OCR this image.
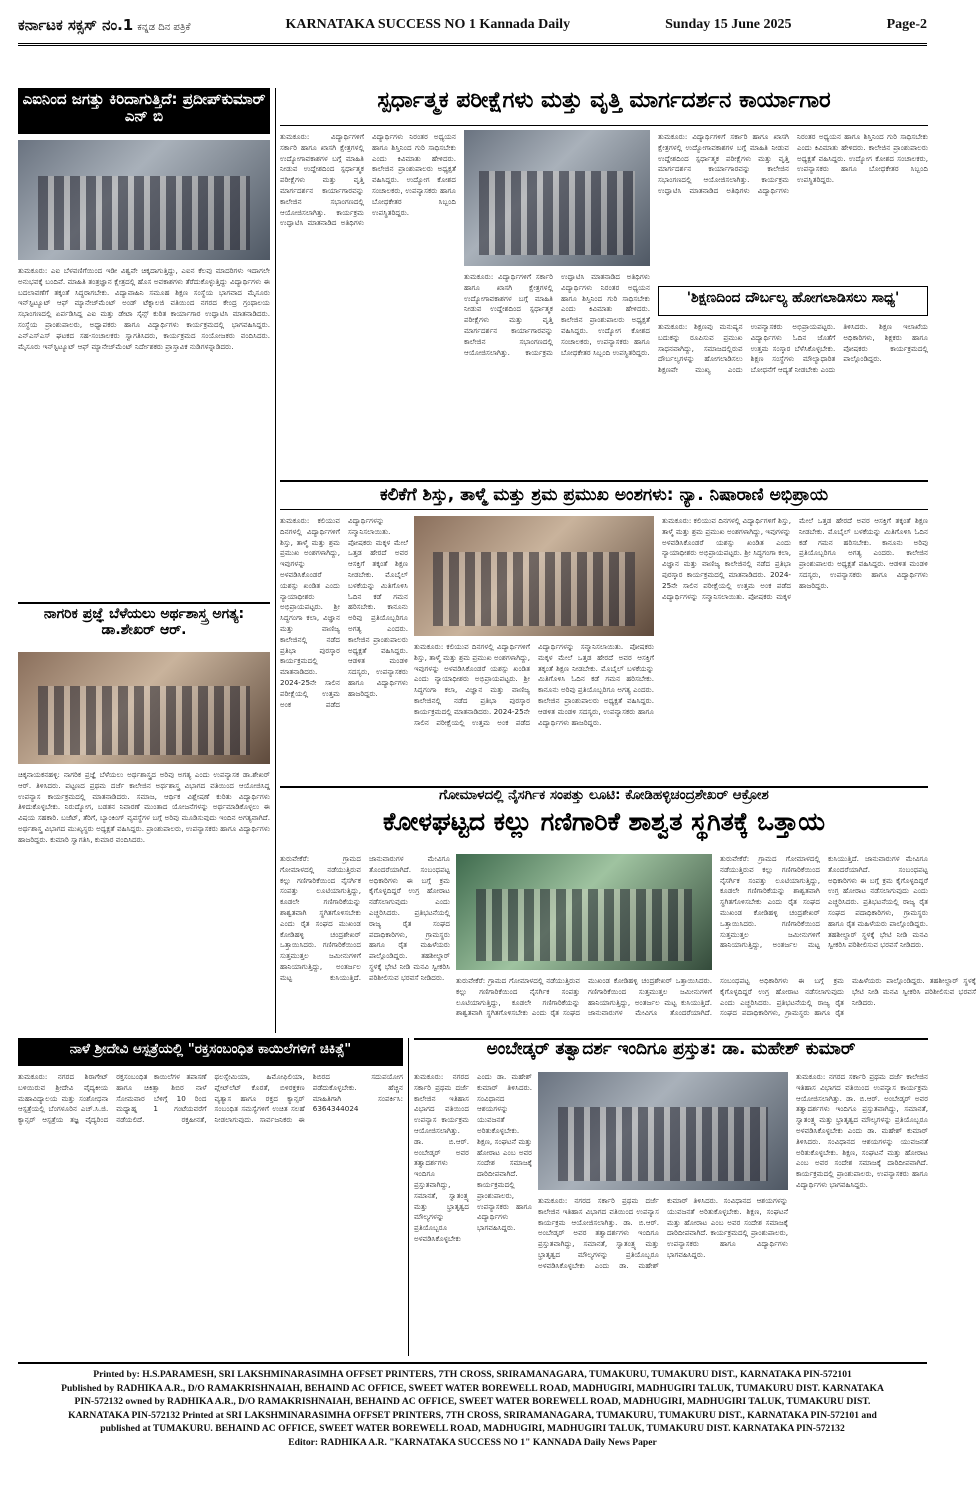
ಕರ್ನಾಟಕ ಸಕ್ಸಸ್ ನಂ.1 ಕನ್ನಡ ದಿನ ಪತ್ರಿಕೆ	KARNATAKA SUCCESS NO 1 Kannada Daily	Sunday 15 June 2025	Page-2
ಎಐನಿಂದ ಜಗತ್ತು ಕಿರಿದಾಗುತ್ತಿದೆ: ಪ್ರದೀಪ್‌ಕುಮಾರ್ ಎನ್ ಬಿ

ತುಮಕೂರು: ಎಐ ಬೆಳವಣಿಗೆಯಿಂದ ಇಡೀ ವಿಶ್ವವೇ ಚಿಕ್ಕದಾಗುತ್ತಿದ್ದು, ಎಐನ ಕೆಲವು ಮಾದರಿಗಳು ಇದಾಗಲೇ ಅನುಭವಕ್ಕೆ ಬಂದಿವೆ. ಮಾಹಿತಿ ತಂತ್ರಜ್ಞಾನ ಕ್ಷೇತ್ರದಲ್ಲಿ ಹೊಸ ಅವಕಾಶಗಳು ತೆರೆದುಕೊಳ್ಳುತ್ತಿದ್ದು ವಿದ್ಯಾರ್ಥಿಗಳು ಈ ಬದಲಾವಣೆಗೆ ತಕ್ಕಂತೆ ಸಿದ್ಧರಾಗಬೇಕು. ವಿದ್ಯಾವಾಹಿನಿ ಸಮೂಹ ಶಿಕ್ಷಣ ಸಂಸ್ಥೆಯ ಭಾಗವಾದ ಮೈಸೂರು ಇನ್‌ಸ್ಟಿಟ್ಯೂಟ್ ಆಫ್ ಮ್ಯಾನೇಜ್‌ಮೆಂಟ್ ಅಂಡ್ ಟೆಕ್ನಾಲಜಿ ವತಿಯಿಂದ ನಗರದ ಕೇಂದ್ರ ಗ್ರಂಥಾಲಯ ಸಭಾಂಗಣದಲ್ಲಿ ಏರ್ಪಡಿಸಿದ್ದ ಎಐ ಮತ್ತು ಡೇಟಾ ಸೈನ್ಸ್ ಕುರಿತ ಕಾರ್ಯಾಗಾರ ಉದ್ಘಾಟಿಸಿ ಮಾತನಾಡಿದರು. ಸಂಸ್ಥೆಯ ಪ್ರಾಂಶುಪಾಲರು, ಅಧ್ಯಾಪಕರು ಹಾಗೂ ವಿದ್ಯಾರ್ಥಿಗಳು ಕಾರ್ಯಕ್ರಮದಲ್ಲಿ ಭಾಗವಹಿಸಿದ್ದರು. ಎನ್‌ಎಸ್‌ಎಸ್ ಘಟಕದ ಸಹ-ಸಂಚಾಲಕರು ಸ್ವಾಗತಿಸಿದರು, ಕಾರ್ಯಕ್ರಮದ ಸಂಯೋಜಕರು ವಂದಿಸಿದರು. ಮೈಸೂರು ಇನ್‌ಸ್ಟಿಟ್ಯೂಟ್ ಆಫ್ ಮ್ಯಾನೇಜ್‌ಮೆಂಟ್ ನಿರ್ದೇಶಕರು ಪ್ರಾಸ್ತಾವಿಕ ನುಡಿಗಳನ್ನಾಡಿದರು.

ನಾಗರಿಕ ಪ್ರಜ್ಞೆ ಬೆಳೆಯಲು ಅರ್ಥಶಾಸ್ತ್ರ ಅಗತ್ಯ: ಡಾ.ಶೇಖರ್ ಆರ್.

ಚಿಕ್ಕನಾಯಕನಹಳ್ಳಿ: ನಾಗರಿಕ ಪ್ರಜ್ಞೆ ಬೆಳೆಯಲು ಅರ್ಥಶಾಸ್ತ್ರದ ಅರಿವು ಅಗತ್ಯ ಎಂದು ಉಪನ್ಯಾಸಕ ಡಾ.ಶೇಖರ್ ಆರ್. ತಿಳಿಸಿದರು. ಪಟ್ಟಣದ ಪ್ರಥಮ ದರ್ಜೆ ಕಾಲೇಜಿನ ಅರ್ಥಶಾಸ್ತ್ರ ವಿಭಾಗದ ವತಿಯಿಂದ ಆಯೋಜಿಸಿದ್ದ ಉಪನ್ಯಾಸ ಕಾರ್ಯಕ್ರಮದಲ್ಲಿ ಮಾತನಾಡಿದರು. ಸಮಾಜ, ಆರ್ಥಿಕ ವಿಶ್ಲೇಷಣೆ ಕುರಿತು ವಿದ್ಯಾರ್ಥಿಗಳು ತಿಳಿದುಕೊಳ್ಳಬೇಕು. ನಿರುದ್ಯೋಗ, ಬಡತನ ನಿವಾರಣೆ ಮುಂತಾದ ಯೋಜನೆಗಳನ್ನು ಅರ್ಥಮಾಡಿಕೊಳ್ಳಲು ಈ ವಿಷಯ ಸಹಕಾರಿ. ಬಜೆಟ್, ತೆರಿಗೆ, ಬ್ಯಾಂಕಿಂಗ್ ವ್ಯವಸ್ಥೆಗಳ ಬಗ್ಗೆ ಅರಿವು ಮೂಡಿಸುವುದು ಇಂದಿನ ಅಗತ್ಯವಾಗಿದೆ. ಅರ್ಥಶಾಸ್ತ್ರ ವಿಭಾಗದ ಮುಖ್ಯಸ್ಥರು ಅಧ್ಯಕ್ಷತೆ ವಹಿಸಿದ್ದರು. ಪ್ರಾಂಶುಪಾಲರು, ಉಪನ್ಯಾಸಕರು ಹಾಗೂ ವಿದ್ಯಾರ್ಥಿಗಳು ಹಾಜರಿದ್ದರು. ಕುಮಾರಿ ಸ್ವಾಗತಿಸಿ, ಕುಮಾರ ವಂದಿಸಿದರು.

ಸ್ಪರ್ಧಾತ್ಮಕ ಪರೀಕ್ಷೆಗಳು ಮತ್ತು ವೃತ್ತಿ ಮಾರ್ಗದರ್ಶನ ಕಾರ್ಯಾಗಾರ

ತುಮಕೂರು: ವಿದ್ಯಾರ್ಥಿಗಳಿಗೆ ಸರ್ಕಾರಿ ಹಾಗೂ ಖಾಸಗಿ ಕ್ಷೇತ್ರಗಳಲ್ಲಿ ಉದ್ಯೋಗಾವಕಾಶಗಳ ಬಗ್ಗೆ ಮಾಹಿತಿ ನೀಡುವ ಉದ್ದೇಶದಿಂದ ಸ್ಪರ್ಧಾತ್ಮಕ ಪರೀಕ್ಷೆಗಳು ಮತ್ತು ವೃತ್ತಿ ಮಾರ್ಗದರ್ಶನ ಕಾರ್ಯಾಗಾರವನ್ನು ಕಾಲೇಜಿನ ಸಭಾಂಗಣದಲ್ಲಿ ಆಯೋಜಿಸಲಾಗಿತ್ತು. ಕಾರ್ಯಕ್ರಮ ಉದ್ಘಾಟಿಸಿ ಮಾತನಾಡಿದ ಅತಿಥಿಗಳು ವಿದ್ಯಾರ್ಥಿಗಳು ನಿರಂತರ ಅಧ್ಯಯನ ಹಾಗೂ ಶಿಸ್ತಿನಿಂದ ಗುರಿ ಸಾಧಿಸಬೇಕು ಎಂದು ಕಿವಿಮಾತು ಹೇಳಿದರು. ಕಾಲೇಜಿನ ಪ್ರಾಂಶುಪಾಲರು ಅಧ್ಯಕ್ಷತೆ ವಹಿಸಿದ್ದರು. ಉದ್ಯೋಗ ಕೋಶದ ಸಂಚಾಲಕರು, ಉಪನ್ಯಾಸಕರು ಹಾಗೂ ಬೋಧಕೇತರ ಸಿಬ್ಬಂದಿ ಉಪಸ್ಥಿತರಿದ್ದರು.

ತುಮಕೂರು: ವಿದ್ಯಾರ್ಥಿಗಳಿಗೆ ಸರ್ಕಾರಿ ಹಾಗೂ ಖಾಸಗಿ ಕ್ಷೇತ್ರಗಳಲ್ಲಿ ಉದ್ಯೋಗಾವಕಾಶಗಳ ಬಗ್ಗೆ ಮಾಹಿತಿ ನೀಡುವ ಉದ್ದೇಶದಿಂದ ಸ್ಪರ್ಧಾತ್ಮಕ ಪರೀಕ್ಷೆಗಳು ಮತ್ತು ವೃತ್ತಿ ಮಾರ್ಗದರ್ಶನ ಕಾರ್ಯಾಗಾರವನ್ನು ಕಾಲೇಜಿನ ಸಭಾಂಗಣದಲ್ಲಿ ಆಯೋಜಿಸಲಾಗಿತ್ತು. ಕಾರ್ಯಕ್ರಮ ಉದ್ಘಾಟಿಸಿ ಮಾತನಾಡಿದ ಅತಿಥಿಗಳು ವಿದ್ಯಾರ್ಥಿಗಳು ನಿರಂತರ ಅಧ್ಯಯನ ಹಾಗೂ ಶಿಸ್ತಿನಿಂದ ಗುರಿ ಸಾಧಿಸಬೇಕು ಎಂದು ಕಿವಿಮಾತು ಹೇಳಿದರು. ಕಾಲೇಜಿನ ಪ್ರಾಂಶುಪಾಲರು ಅಧ್ಯಕ್ಷತೆ ವಹಿಸಿದ್ದರು. ಉದ್ಯೋಗ ಕೋಶದ ಸಂಚಾಲಕರು, ಉಪನ್ಯಾಸಕರು ಹಾಗೂ ಬೋಧಕೇತರ ಸಿಬ್ಬಂದಿ ಉಪಸ್ಥಿತರಿದ್ದರು.

ತುಮಕೂರು: ವಿದ್ಯಾರ್ಥಿಗಳಿಗೆ ಸರ್ಕಾರಿ ಹಾಗೂ ಖಾಸಗಿ ಕ್ಷೇತ್ರಗಳಲ್ಲಿ ಉದ್ಯೋಗಾವಕಾಶಗಳ ಬಗ್ಗೆ ಮಾಹಿತಿ ನೀಡುವ ಉದ್ದೇಶದಿಂದ ಸ್ಪರ್ಧಾತ್ಮಕ ಪರೀಕ್ಷೆಗಳು ಮತ್ತು ವೃತ್ತಿ ಮಾರ್ಗದರ್ಶನ ಕಾರ್ಯಾಗಾರವನ್ನು ಕಾಲೇಜಿನ ಸಭಾಂಗಣದಲ್ಲಿ ಆಯೋಜಿಸಲಾಗಿತ್ತು. ಕಾರ್ಯಕ್ರಮ ಉದ್ಘಾಟಿಸಿ ಮಾತನಾಡಿದ ಅತಿಥಿಗಳು ವಿದ್ಯಾರ್ಥಿಗಳು ನಿರಂತರ ಅಧ್ಯಯನ ಹಾಗೂ ಶಿಸ್ತಿನಿಂದ ಗುರಿ ಸಾಧಿಸಬೇಕು ಎಂದು ಕಿವಿಮಾತು ಹೇಳಿದರು. ಕಾಲೇಜಿನ ಪ್ರಾಂಶುಪಾಲರು ಅಧ್ಯಕ್ಷತೆ ವಹಿಸಿದ್ದರು. ಉದ್ಯೋಗ ಕೋಶದ ಸಂಚಾಲಕರು, ಉಪನ್ಯಾಸಕರು ಹಾಗೂ ಬೋಧಕೇತರ ಸಿಬ್ಬಂದಿ ಉಪಸ್ಥಿತರಿದ್ದರು.

'ಶಿಕ್ಷಣದಿಂದ ದೌರ್ಬಲ್ಯ ಹೋಗಲಾಡಿಸಲು ಸಾಧ್ಯ'

ತುಮಕೂರು: ಶಿಕ್ಷಣವು ಮನುಷ್ಯನ ಬದುಕನ್ನು ರೂಪಿಸುವ ಪ್ರಮುಖ ಸಾಧನವಾಗಿದ್ದು, ಸಮಾಜದಲ್ಲಿರುವ ದೌರ್ಬಲ್ಯಗಳನ್ನು ಹೋಗಲಾಡಿಸಲು ಶಿಕ್ಷಣವೇ ಮುಖ್ಯ ಎಂದು ಉಪನ್ಯಾಸಕರು ಅಭಿಪ್ರಾಯಪಟ್ಟರು. ವಿದ್ಯಾರ್ಥಿಗಳು ಓದಿನ ಜೊತೆಗೆ ಉತ್ತಮ ಸಂಸ್ಕಾರ ಬೆಳೆಸಿಕೊಳ್ಳಬೇಕು. ಶಿಕ್ಷಣ ಸಂಸ್ಥೆಗಳು ಮೌಲ್ಯಾಧಾರಿತ ಬೋಧನೆಗೆ ಆದ್ಯತೆ ನೀಡಬೇಕು ಎಂದು ತಿಳಿಸಿದರು. ಶಿಕ್ಷಣ ಇಲಾಖೆಯ ಅಧಿಕಾರಿಗಳು, ಶಿಕ್ಷಕರು ಹಾಗೂ ಪೋಷಕರು ಕಾರ್ಯಕ್ರಮದಲ್ಲಿ ಪಾಲ್ಗೊಂಡಿದ್ದರು.

ಕಲಿಕೆಗೆ ಶಿಸ್ತು, ತಾಳ್ಮೆ ಮತ್ತು ಶ್ರಮ ಪ್ರಮುಖ ಅಂಶಗಳು: ನ್ಯಾ. ನಿಷಾರಾಣಿ ಅಭಿಪ್ರಾಯ

ತುಮಕೂರು: ಕಲಿಯುವ ದಿನಗಳಲ್ಲಿ ವಿದ್ಯಾರ್ಥಿಗಳಿಗೆ ಶಿಸ್ತು, ತಾಳ್ಮೆ ಮತ್ತು ಶ್ರಮ ಪ್ರಮುಖ ಅಂಶಗಳಾಗಿದ್ದು, ಇವುಗಳನ್ನು ಅಳವಡಿಸಿಕೊಂಡರೆ ಯಶಸ್ಸು ಖಂಡಿತ ಎಂದು ನ್ಯಾಯಾಧೀಶರು ಅಭಿಪ್ರಾಯಪಟ್ಟರು. ಶ್ರೀ ಸಿದ್ಧಗಂಗಾ ಕಲಾ, ವಿಜ್ಞಾನ ಮತ್ತು ವಾಣಿಜ್ಯ ಕಾಲೇಜಿನಲ್ಲಿ ನಡೆದ ಪ್ರತಿಭಾ ಪುರಸ್ಕಾರ ಕಾರ್ಯಕ್ರಮದಲ್ಲಿ ಮಾತನಾಡಿದರು. 2024-25ನೇ ಸಾಲಿನ ಪರೀಕ್ಷೆಯಲ್ಲಿ ಉತ್ತಮ ಅಂಕ ಪಡೆದ ವಿದ್ಯಾರ್ಥಿಗಳನ್ನು ಸನ್ಮಾನಿಸಲಾಯಿತು. ಪೋಷಕರು ಮಕ್ಕಳ ಮೇಲೆ ಒತ್ತಡ ಹೇರದೆ ಅವರ ಆಸಕ್ತಿಗೆ ತಕ್ಕಂತೆ ಶಿಕ್ಷಣ ನೀಡಬೇಕು. ಮೊಬೈಲ್ ಬಳಕೆಯನ್ನು ಮಿತಿಗೊಳಿಸಿ ಓದಿನ ಕಡೆ ಗಮನ ಹರಿಸಬೇಕು. ಕಾನೂನು ಅರಿವು ಪ್ರತಿಯೊಬ್ಬರಿಗೂ ಅಗತ್ಯ ಎಂದರು. ಕಾಲೇಜಿನ ಪ್ರಾಂಶುಪಾಲರು ಅಧ್ಯಕ್ಷತೆ ವಹಿಸಿದ್ದರು. ಆಡಳಿತ ಮಂಡಳಿ ಸದಸ್ಯರು, ಉಪನ್ಯಾಸಕರು ಹಾಗೂ ವಿದ್ಯಾರ್ಥಿಗಳು ಹಾಜರಿದ್ದರು.

ತುಮಕೂರು: ಕಲಿಯುವ ದಿನಗಳಲ್ಲಿ ವಿದ್ಯಾರ್ಥಿಗಳಿಗೆ ಶಿಸ್ತು, ತಾಳ್ಮೆ ಮತ್ತು ಶ್ರಮ ಪ್ರಮುಖ ಅಂಶಗಳಾಗಿದ್ದು, ಇವುಗಳನ್ನು ಅಳವಡಿಸಿಕೊಂಡರೆ ಯಶಸ್ಸು ಖಂಡಿತ ಎಂದು ನ್ಯಾಯಾಧೀಶರು ಅಭಿಪ್ರಾಯಪಟ್ಟರು. ಶ್ರೀ ಸಿದ್ಧಗಂಗಾ ಕಲಾ, ವಿಜ್ಞಾನ ಮತ್ತು ವಾಣಿಜ್ಯ ಕಾಲೇಜಿನಲ್ಲಿ ನಡೆದ ಪ್ರತಿಭಾ ಪುರಸ್ಕಾರ ಕಾರ್ಯಕ್ರಮದಲ್ಲಿ ಮಾತನಾಡಿದರು. 2024-25ನೇ ಸಾಲಿನ ಪರೀಕ್ಷೆಯಲ್ಲಿ ಉತ್ತಮ ಅಂಕ ಪಡೆದ ವಿದ್ಯಾರ್ಥಿಗಳನ್ನು ಸನ್ಮಾನಿಸಲಾಯಿತು. ಪೋಷಕರು ಮಕ್ಕಳ ಮೇಲೆ ಒತ್ತಡ ಹೇರದೆ ಅವರ ಆಸಕ್ತಿಗೆ ತಕ್ಕಂತೆ ಶಿಕ್ಷಣ ನೀಡಬೇಕು. ಮೊಬೈಲ್ ಬಳಕೆಯನ್ನು ಮಿತಿಗೊಳಿಸಿ ಓದಿನ ಕಡೆ ಗಮನ ಹರಿಸಬೇಕು. ಕಾನೂನು ಅರಿವು ಪ್ರತಿಯೊಬ್ಬರಿಗೂ ಅಗತ್ಯ ಎಂದರು. ಕಾಲೇಜಿನ ಪ್ರಾಂಶುಪಾಲರು ಅಧ್ಯಕ್ಷತೆ ವಹಿಸಿದ್ದರು. ಆಡಳಿತ ಮಂಡಳಿ ಸದಸ್ಯರು, ಉಪನ್ಯಾಸಕರು ಹಾಗೂ ವಿದ್ಯಾರ್ಥಿಗಳು ಹಾಜರಿದ್ದರು.

ತುಮಕೂರು: ಕಲಿಯುವ ದಿನಗಳಲ್ಲಿ ವಿದ್ಯಾರ್ಥಿಗಳಿಗೆ ಶಿಸ್ತು, ತಾಳ್ಮೆ ಮತ್ತು ಶ್ರಮ ಪ್ರಮುಖ ಅಂಶಗಳಾಗಿದ್ದು, ಇವುಗಳನ್ನು ಅಳವಡಿಸಿಕೊಂಡರೆ ಯಶಸ್ಸು ಖಂಡಿತ ಎಂದು ನ್ಯಾಯಾಧೀಶರು ಅಭಿಪ್ರಾಯಪಟ್ಟರು. ಶ್ರೀ ಸಿದ್ಧಗಂಗಾ ಕಲಾ, ವಿಜ್ಞಾನ ಮತ್ತು ವಾಣಿಜ್ಯ ಕಾಲೇಜಿನಲ್ಲಿ ನಡೆದ ಪ್ರತಿಭಾ ಪುರಸ್ಕಾರ ಕಾರ್ಯಕ್ರಮದಲ್ಲಿ ಮಾತನಾಡಿದರು. 2024-25ನೇ ಸಾಲಿನ ಪರೀಕ್ಷೆಯಲ್ಲಿ ಉತ್ತಮ ಅಂಕ ಪಡೆದ ವಿದ್ಯಾರ್ಥಿಗಳನ್ನು ಸನ್ಮಾನಿಸಲಾಯಿತು. ಪೋಷಕರು ಮಕ್ಕಳ ಮೇಲೆ ಒತ್ತಡ ಹೇರದೆ ಅವರ ಆಸಕ್ತಿಗೆ ತಕ್ಕಂತೆ ಶಿಕ್ಷಣ ನೀಡಬೇಕು. ಮೊಬೈಲ್ ಬಳಕೆಯನ್ನು ಮಿತಿಗೊಳಿಸಿ ಓದಿನ ಕಡೆ ಗಮನ ಹರಿಸಬೇಕು. ಕಾನೂನು ಅರಿವು ಪ್ರತಿಯೊಬ್ಬರಿಗೂ ಅಗತ್ಯ ಎಂದರು. ಕಾಲೇಜಿನ ಪ್ರಾಂಶುಪಾಲರು ಅಧ್ಯಕ್ಷತೆ ವಹಿಸಿದ್ದರು. ಆಡಳಿತ ಮಂಡಳಿ ಸದಸ್ಯರು, ಉಪನ್ಯಾಸಕರು ಹಾಗೂ ವಿದ್ಯಾರ್ಥಿಗಳು ಹಾಜರಿದ್ದರು.

ಗೋಮಾಳದಲ್ಲಿ ನೈಸರ್ಗಿಕ ಸಂಪತ್ತು ಲೂಟಿ: ಕೋಡಿಹಳ್ಳಿಚಂದ್ರಶೇಖರ್ ಆಕ್ರೋಶ
ಕೋಳಘಟ್ಟದ ಕಲ್ಲು ಗಣಿಗಾರಿಕೆ ಶಾಶ್ವತ ಸ್ಥಗಿತಕ್ಕೆ ಒತ್ತಾಯ

ತುರುವೇಕೆರೆ: ಗ್ರಾಮದ ಗೋಮಾಳದಲ್ಲಿ ನಡೆಯುತ್ತಿರುವ ಕಲ್ಲು ಗಣಿಗಾರಿಕೆಯಿಂದ ನೈಸರ್ಗಿಕ ಸಂಪತ್ತು ಲೂಟಿಯಾಗುತ್ತಿದ್ದು, ಕೂಡಲೇ ಗಣಿಗಾರಿಕೆಯನ್ನು ಶಾಶ್ವತವಾಗಿ ಸ್ಥಗಿತಗೊಳಿಸಬೇಕು ಎಂದು ರೈತ ಸಂಘದ ಮುಖಂಡ ಕೋಡಿಹಳ್ಳಿ ಚಂದ್ರಶೇಖರ್ ಒತ್ತಾಯಿಸಿದರು. ಗಣಿಗಾರಿಕೆಯಿಂದ ಸುತ್ತಮುತ್ತಲ ಜಮೀನುಗಳಿಗೆ ಹಾನಿಯಾಗುತ್ತಿದ್ದು, ಅಂತರ್ಜಲ ಮಟ್ಟ ಕುಸಿಯುತ್ತಿದೆ. ಜಾನುವಾರುಗಳ ಮೇವಿಗೂ ತೊಂದರೆಯಾಗಿದೆ. ಸಂಬಂಧಪಟ್ಟ ಅಧಿಕಾರಿಗಳು ಈ ಬಗ್ಗೆ ಕ್ರಮ ಕೈಗೊಳ್ಳದಿದ್ದರೆ ಉಗ್ರ ಹೋರಾಟ ನಡೆಸಲಾಗುವುದು ಎಂದು ಎಚ್ಚರಿಸಿದರು. ಪ್ರತಿಭಟನೆಯಲ್ಲಿ ರಾಜ್ಯ ರೈತ ಸಂಘದ ಪದಾಧಿಕಾರಿಗಳು, ಗ್ರಾಮಸ್ಥರು ಹಾಗೂ ರೈತ ಮಹಿಳೆಯರು ಪಾಲ್ಗೊಂಡಿದ್ದರು. ತಹಶೀಲ್ದಾರ್ ಸ್ಥಳಕ್ಕೆ ಭೇಟಿ ನೀಡಿ ಮನವಿ ಸ್ವೀಕರಿಸಿ ಪರಿಶೀಲಿಸುವ ಭರವಸೆ ನೀಡಿದರು.	ತುರುವೇಕೆರೆ: ಗ್ರಾಮದ ಗೋಮಾಳದಲ್ಲಿ ನಡೆಯುತ್ತಿರುವ ಕಲ್ಲು ಗಣಿಗಾರಿಕೆಯಿಂದ ನೈಸರ್ಗಿಕ ಸಂಪತ್ತು ಲೂಟಿಯಾಗುತ್ತಿದ್ದು, ಕೂಡಲೇ ಗಣಿಗಾರಿಕೆಯನ್ನು ಶಾಶ್ವತವಾಗಿ ಸ್ಥಗಿತಗೊಳಿಸಬೇಕು ಎಂದು ರೈತ ಸಂಘದ ಮುಖಂಡ ಕೋಡಿಹಳ್ಳಿ ಚಂದ್ರಶೇಖರ್ ಒತ್ತಾಯಿಸಿದರು. ಗಣಿಗಾರಿಕೆಯಿಂದ ಸುತ್ತಮುತ್ತಲ ಜಮೀನುಗಳಿಗೆ ಹಾನಿಯಾಗುತ್ತಿದ್ದು, ಅಂತರ್ಜಲ ಮಟ್ಟ ಕುಸಿಯುತ್ತಿದೆ. ಜಾನುವಾರುಗಳ ಮೇವಿಗೂ ತೊಂದರೆಯಾಗಿದೆ. ಸಂಬಂಧಪಟ್ಟ ಅಧಿಕಾರಿಗಳು ಈ ಬಗ್ಗೆ ಕ್ರಮ ಕೈಗೊಳ್ಳದಿದ್ದರೆ ಉಗ್ರ ಹೋರಾಟ ನಡೆಸಲಾಗುವುದು ಎಂದು ಎಚ್ಚರಿಸಿದರು. ಪ್ರತಿಭಟನೆಯಲ್ಲಿ ರಾಜ್ಯ ರೈತ ಸಂಘದ ಪದಾಧಿಕಾರಿಗಳು, ಗ್ರಾಮಸ್ಥರು ಹಾಗೂ ರೈತ ಮಹಿಳೆಯರು ಪಾಲ್ಗೊಂಡಿದ್ದರು. ತಹಶೀಲ್ದಾರ್ ಸ್ಥಳಕ್ಕೆ ಭೇಟಿ ನೀಡಿ ಮನವಿ ಸ್ವೀಕರಿಸಿ ಪರಿಶೀಲಿಸುವ ಭರವಸೆ ನೀಡಿದರು.

ತುರುವೇಕೆರೆ: ಗ್ರಾಮದ ಗೋಮಾಳದಲ್ಲಿ ನಡೆಯುತ್ತಿರುವ ಕಲ್ಲು ಗಣಿಗಾರಿಕೆಯಿಂದ ನೈಸರ್ಗಿಕ ಸಂಪತ್ತು ಲೂಟಿಯಾಗುತ್ತಿದ್ದು, ಕೂಡಲೇ ಗಣಿಗಾರಿಕೆಯನ್ನು ಶಾಶ್ವತವಾಗಿ ಸ್ಥಗಿತಗೊಳಿಸಬೇಕು ಎಂದು ರೈತ ಸಂಘದ ಮುಖಂಡ ಕೋಡಿಹಳ್ಳಿ ಚಂದ್ರಶೇಖರ್ ಒತ್ತಾಯಿಸಿದರು. ಗಣಿಗಾರಿಕೆಯಿಂದ ಸುತ್ತಮುತ್ತಲ ಜಮೀನುಗಳಿಗೆ ಹಾನಿಯಾಗುತ್ತಿದ್ದು, ಅಂತರ್ಜಲ ಮಟ್ಟ ಕುಸಿಯುತ್ತಿದೆ. ಜಾನುವಾರುಗಳ ಮೇವಿಗೂ ತೊಂದರೆಯಾಗಿದೆ. ಸಂಬಂಧಪಟ್ಟ ಅಧಿಕಾರಿಗಳು ಈ ಬಗ್ಗೆ ಕ್ರಮ ಕೈಗೊಳ್ಳದಿದ್ದರೆ ಉಗ್ರ ಹೋರಾಟ ನಡೆಸಲಾಗುವುದು ಎಂದು ಎಚ್ಚರಿಸಿದರು. ಪ್ರತಿಭಟನೆಯಲ್ಲಿ ರಾಜ್ಯ ರೈತ ಸಂಘದ ಪದಾಧಿಕಾರಿಗಳು, ಗ್ರಾಮಸ್ಥರು ಹಾಗೂ ರೈತ ಮಹಿಳೆಯರು ಪಾಲ್ಗೊಂಡಿದ್ದರು. ತಹಶೀಲ್ದಾರ್ ಸ್ಥಳಕ್ಕೆ ಭೇಟಿ ನೀಡಿ ಮನವಿ ಸ್ವೀಕರಿಸಿ ಪರಿಶೀಲಿಸುವ ಭರವಸೆ ನೀಡಿದರು.

ನಾಳೆ ಶ್ರೀದೇವಿ ಆಸ್ಪತ್ರೆಯಲ್ಲಿ "ರಕ್ತಸಂಬಂಧಿತ ಕಾಯಿಲೆಗಳಿಗೆ ಚಿಕಿತ್ಸೆ"

ತುಮಕೂರು: ನಗರದ ಶಿರಾಗೇಟ್ ಬಳಿಯಿರುವ ಶ್ರೀದೇವಿ ವೈದ್ಯಕೀಯ ಮಹಾವಿದ್ಯಾಲಯ ಮತ್ತು ಸಂಶೋಧನಾ ಆಸ್ಪತ್ರೆಯಲ್ಲಿ ಬೆಂಗಳೂರಿನ ಎಚ್.ಸಿ.ಜಿ. ಕ್ಯಾನ್ಸರ್ ಆಸ್ಪತ್ರೆಯ ತಜ್ಞ ವೈದ್ಯರಿಂದ ರಕ್ತಸಂಬಂಧಿತ ಕಾಯಿಲೆಗಳ ತಪಾಸಣೆ ಹಾಗೂ ಚಿಕಿತ್ಸಾ ಶಿಬಿರ ನಾಳೆ ಸೋಮವಾರ ಬೆಳಿಗ್ಗೆ 10 ರಿಂದ ಮಧ್ಯಾಹ್ನ 1 ಗಂಟೆಯವರೆಗೆ ನಡೆಯಲಿದೆ. ರಕ್ತಹೀನತೆ, ಥಲಸ್ಸೇಮಿಯಾ, ಹಿಮೋಫಿಲಿಯಾ, ಪ್ಲೇಟ್‌ಲೆಟ್ ಕೊರತೆ, ಬಿಳಿರಕ್ತಕಣ ವ್ಯತ್ಯಾಸ ಹಾಗೂ ರಕ್ತದ ಕ್ಯಾನ್ಸರ್ ಸಂಬಂಧಿತ ಸಮಸ್ಯೆಗಳಿಗೆ ಉಚಿತ ಸಲಹೆ ನೀಡಲಾಗುವುದು. ಸಾರ್ವಜನಿಕರು ಈ ಶಿಬಿರದ ಸದುಪಯೋಗ ಪಡೆದುಕೊಳ್ಳಬೇಕು. ಹೆಚ್ಚಿನ ಮಾಹಿತಿಗಾಗಿ ಸಂಪರ್ಕಿಸಿ: 6364344024

ಅಂಬೇಡ್ಕರ್ ತತ್ವಾದರ್ಶ ಇಂದಿಗೂ ಪ್ರಸ್ತುತ: ಡಾ. ಮಹೇಶ್ ಕುಮಾರ್

ತುಮಕೂರು: ನಗರದ ಸರ್ಕಾರಿ ಪ್ರಥಮ ದರ್ಜೆ ಕಾಲೇಜಿನ ಇತಿಹಾಸ ವಿಭಾಗದ ವತಿಯಿಂದ ಉಪನ್ಯಾಸ ಕಾರ್ಯಕ್ರಮ ಆಯೋಜಿಸಲಾಗಿತ್ತು. ಡಾ. ಬಿ.ಆರ್. ಅಂಬೇಡ್ಕರ್ ಅವರ ತತ್ವಾದರ್ಶಗಳು ಇಂದಿಗೂ ಪ್ರಸ್ತುತವಾಗಿದ್ದು, ಸಮಾನತೆ, ಸ್ವಾತಂತ್ರ್ಯ ಮತ್ತು ಭ್ರಾತೃತ್ವದ ಮೌಲ್ಯಗಳನ್ನು ಪ್ರತಿಯೊಬ್ಬರೂ ಅಳವಡಿಸಿಕೊಳ್ಳಬೇಕು ಎಂದು ಡಾ. ಮಹೇಶ್ ಕುಮಾರ್ ತಿಳಿಸಿದರು. ಸಂವಿಧಾನದ ಆಶಯಗಳನ್ನು ಯುವಜನತೆ ಅರಿತುಕೊಳ್ಳಬೇಕು. ಶಿಕ್ಷಣ, ಸಂಘಟನೆ ಮತ್ತು ಹೋರಾಟ ಎಂಬ ಅವರ ಸಂದೇಶ ಸಮಾಜಕ್ಕೆ ದಾರಿದೀಪವಾಗಿದೆ. ಕಾರ್ಯಕ್ರಮದಲ್ಲಿ ಪ್ರಾಂಶುಪಾಲರು, ಉಪನ್ಯಾಸಕರು ಹಾಗೂ ವಿದ್ಯಾರ್ಥಿಗಳು ಭಾಗವಹಿಸಿದ್ದರು.

ತುಮಕೂರು: ನಗರದ ಸರ್ಕಾರಿ ಪ್ರಥಮ ದರ್ಜೆ ಕಾಲೇಜಿನ ಇತಿಹಾಸ ವಿಭಾಗದ ವತಿಯಿಂದ ಉಪನ್ಯಾಸ ಕಾರ್ಯಕ್ರಮ ಆಯೋಜಿಸಲಾಗಿತ್ತು. ಡಾ. ಬಿ.ಆರ್. ಅಂಬೇಡ್ಕರ್ ಅವರ ತತ್ವಾದರ್ಶಗಳು ಇಂದಿಗೂ ಪ್ರಸ್ತುತವಾಗಿದ್ದು, ಸಮಾನತೆ, ಸ್ವಾತಂತ್ರ್ಯ ಮತ್ತು ಭ್ರಾತೃತ್ವದ ಮೌಲ್ಯಗಳನ್ನು ಪ್ರತಿಯೊಬ್ಬರೂ ಅಳವಡಿಸಿಕೊಳ್ಳಬೇಕು ಎಂದು ಡಾ. ಮಹೇಶ್ ಕುಮಾರ್ ತಿಳಿಸಿದರು. ಸಂವಿಧಾನದ ಆಶಯಗಳನ್ನು ಯುವಜನತೆ ಅರಿತುಕೊಳ್ಳಬೇಕು. ಶಿಕ್ಷಣ, ಸಂಘಟನೆ ಮತ್ತು ಹೋರಾಟ ಎಂಬ ಅವರ ಸಂದೇಶ ಸಮಾಜಕ್ಕೆ ದಾರಿದೀಪವಾಗಿದೆ. ಕಾರ್ಯಕ್ರಮದಲ್ಲಿ ಪ್ರಾಂಶುಪಾಲರು, ಉಪನ್ಯಾಸಕರು ಹಾಗೂ ವಿದ್ಯಾರ್ಥಿಗಳು ಭಾಗವಹಿಸಿದ್ದರು.

ತುಮಕೂರು: ನಗರದ ಸರ್ಕಾರಿ ಪ್ರಥಮ ದರ್ಜೆ ಕಾಲೇಜಿನ ಇತಿಹಾಸ ವಿಭಾಗದ ವತಿಯಿಂದ ಉಪನ್ಯಾಸ ಕಾರ್ಯಕ್ರಮ ಆಯೋಜಿಸಲಾಗಿತ್ತು. ಡಾ. ಬಿ.ಆರ್. ಅಂಬೇಡ್ಕರ್ ಅವರ ತತ್ವಾದರ್ಶಗಳು ಇಂದಿಗೂ ಪ್ರಸ್ತುತವಾಗಿದ್ದು, ಸಮಾನತೆ, ಸ್ವಾತಂತ್ರ್ಯ ಮತ್ತು ಭ್ರಾತೃತ್ವದ ಮೌಲ್ಯಗಳನ್ನು ಪ್ರತಿಯೊಬ್ಬರೂ ಅಳವಡಿಸಿಕೊಳ್ಳಬೇಕು ಎಂದು ಡಾ. ಮಹೇಶ್ ಕುಮಾರ್ ತಿಳಿಸಿದರು. ಸಂವಿಧಾನದ ಆಶಯಗಳನ್ನು ಯುವಜನತೆ ಅರಿತುಕೊಳ್ಳಬೇಕು. ಶಿಕ್ಷಣ, ಸಂಘಟನೆ ಮತ್ತು ಹೋರಾಟ ಎಂಬ ಅವರ ಸಂದೇಶ ಸಮಾಜಕ್ಕೆ ದಾರಿದೀಪವಾಗಿದೆ. ಕಾರ್ಯಕ್ರಮದಲ್ಲಿ ಪ್ರಾಂಶುಪಾಲರು, ಉಪನ್ಯಾಸಕರು ಹಾಗೂ ವಿದ್ಯಾರ್ಥಿಗಳು ಭಾಗವಹಿಸಿದ್ದರು.

Printed by: H.S.PARAMESH, SRI LAKSHMINARASIMHA OFFSET PRINTERS, 7TH CROSS, SRIRAMANAGARA, TUMAKURU, TUMAKURU DIST., KARNATAKA PIN-572101
Published by RADHIKA A.R., D/O RAMAKRISHNAIAH, BEHAIND AC OFFICE, SWEET WATER BOREWELL ROAD, MADHUGIRI, MADHUGIRI TALUK, TUMAKURU DIST. KARNATAKA
PIN-572132 owned by RADHIKA A.R., D/O RAMAKRISHNAIAH, BEHAIND AC OFFICE, SWEET WATER BOREWELL ROAD, MADHUGIRI, MADHUGIRI TALUK, TUMAKURU DIST.
KARNATAKA PIN-572132 Printed at SRI LAKSHMINARASIMHA OFFSET PRINTERS, 7TH CROSS, SRIRAMANAGARA, TUMAKURU, TUMAKURU DIST., KARNATAKA PIN-572101 and
published at TUMAKURU. BEHAIND AC OFFICE, SWEET WATER BOREWELL ROAD, MADHUGIRI, MADHUGIRI TALUK, TUMAKURU DIST. KARNATAKA PIN-572132
Editor: RADHIKA A.R. "KARNATAKA SUCCESS NO 1" KANNADA Daily News Paper
